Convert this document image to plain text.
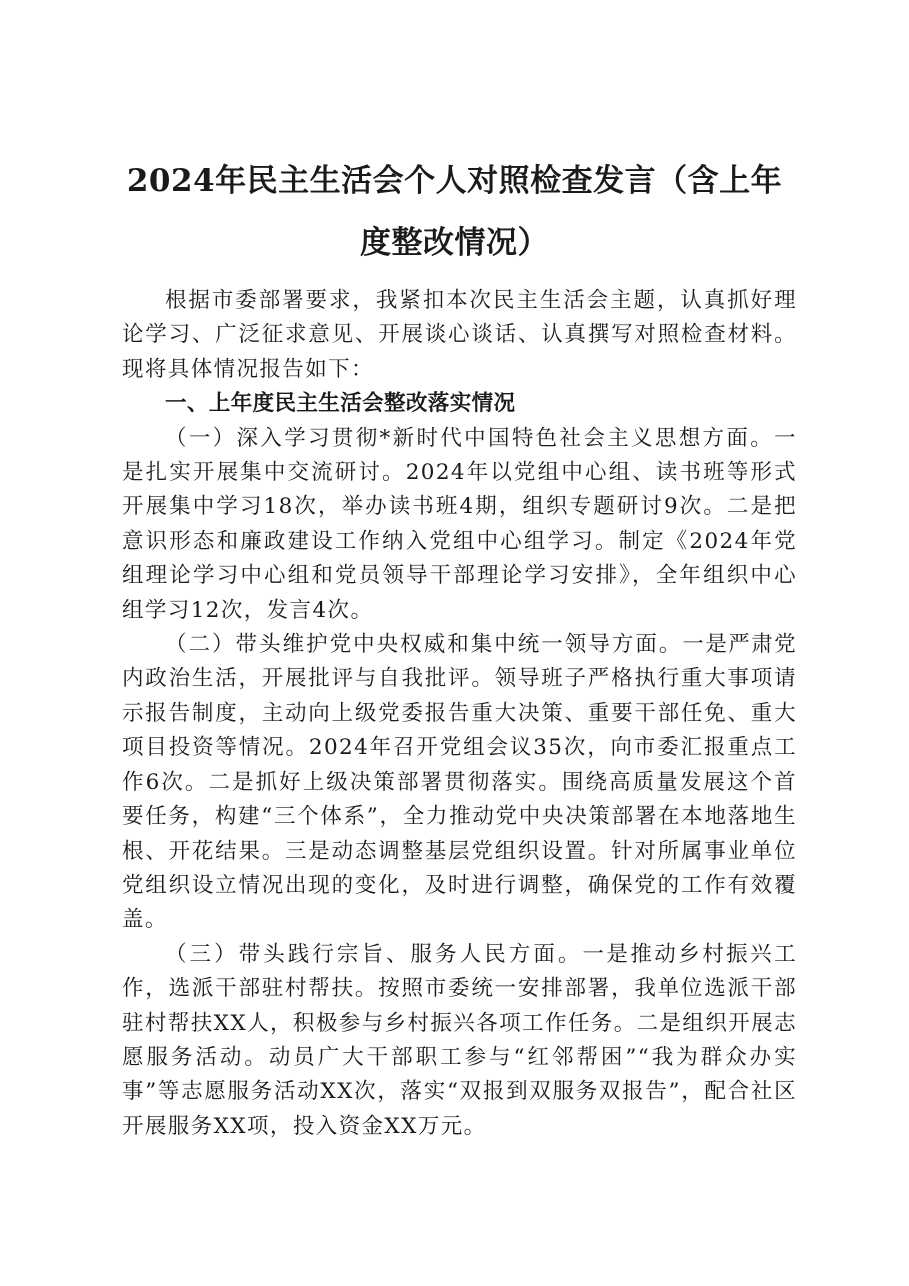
2024年民主生活会个人对照检查发言（含上年度整改情况）

根据市委部署要求，我紧扣本次民主生活会主题，认真抓好理论学习、广泛征求意见、开展谈心谈话、认真撰写对照检查材料。现将具体情况报告如下：

一、上年度民主生活会整改落实情况

（一）深入学习贯彻*新时代中国特色社会主义思想方面。一是扎实开展集中交流研讨。2024年以党组中心组、读书班等形式开展集中学习18次，举办读书班4期，组织专题研讨9次。二是把意识形态和廉政建设工作纳入党组中心组学习。制定《2024年党组理论学习中心组和党员领导干部理论学习安排》，全年组织中心组学习12次，发言4次。

（二）带头维护党中央权威和集中统一领导方面。一是严肃党内政治生活，开展批评与自我批评。领导班子严格执行重大事项请示报告制度，主动向上级党委报告重大决策、重要干部任免、重大项目投资等情况。2024年召开党组会议35次，向市委汇报重点工作6次。二是抓好上级决策部署贯彻落实。围绕高质量发展这个首要任务，构建“三个体系”，全力推动党中央决策部署在本地落地生根、开花结果。三是动态调整基层党组织设置。针对所属事业单位党组织设立情况出现的变化，及时进行调整，确保党的工作有效覆盖。

（三）带头践行宗旨、服务人民方面。一是推动乡村振兴工作，选派干部驻村帮扶。按照市委统一安排部署，我单位选派干部驻村帮扶XX人，积极参与乡村振兴各项工作任务。二是组织开展志愿服务活动。动员广大干部职工参与“红邻帮困”“我为群众办实事”等志愿服务活动XX次，落实“双报到双服务双报告”，配合社区开展服务XX项，投入资金XX万元。
